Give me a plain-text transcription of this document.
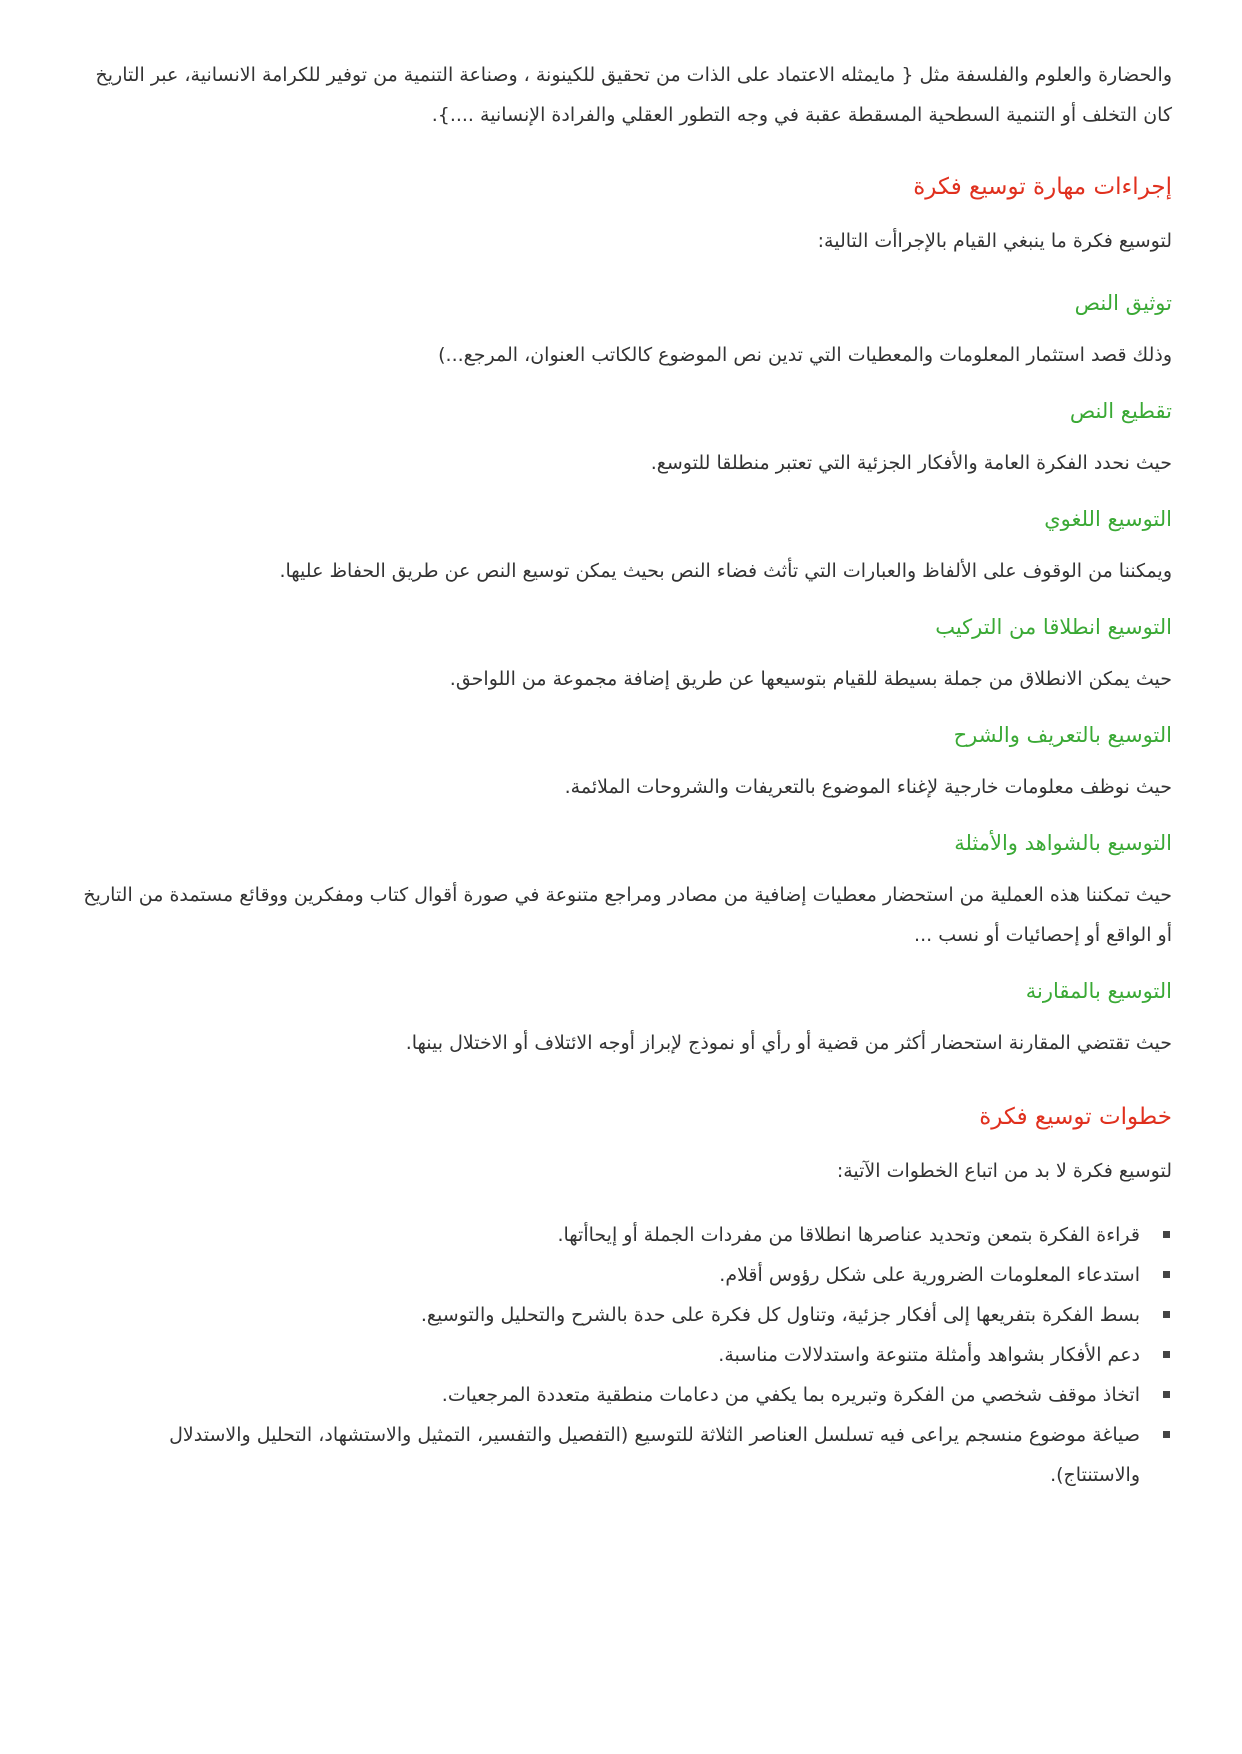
والحضارة والعلوم والفلسفة مثل { مايمثله الاعتماد على الذات من تحقيق للكينونة ، وصناعة التنمية من توفير للكرامة الانسانية، عبر التاريخ كان التخلف أو التنمية السطحية المسقطة عقبة في وجه التطور العقلي والفرادة الإنسانية ....}.

إجراءات مهارة توسيع فكرة

لتوسيع فكرة ما ينبغي القيام بالإجراأت التالية:

توثيق النص

وذلك قصد استثمار المعلومات والمعطيات التي تدين نص الموضوع كالكاتب العنوان، المرجع...)

تقطيع النص

حيث نحدد الفكرة العامة والأفكار الجزئية التي تعتبر منطلقا للتوسع.

التوسيع اللغوي

ويمكننا من الوقوف على الألفاظ والعبارات التي تأثث فضاء النص بحيث يمكن توسيع النص عن طريق الحفاظ عليها.

التوسيع انطلاقا من التركيب

حيث يمكن الانطلاق من جملة بسيطة للقيام بتوسيعها عن طريق إضافة مجموعة من اللواحق.

التوسيع بالتعريف والشرح

حيث نوظف معلومات خارجية لإغناء الموضوع بالتعريفات والشروحات الملائمة.

التوسيع بالشواهد والأمثلة

حيث تمكننا هذه العملية من استحضار معطيات إضافية من مصادر ومراجع متنوعة في صورة أقوال كتاب ومفكرين ووقائع مستمدة من التاريخ أو الواقع أو إحصائيات أو نسب ...

التوسيع بالمقارنة

حيث تقتضي المقارنة استحضار أكثر من قضية أو رأي أو نموذج لإبراز أوجه الائتلاف أو الاختلال بينها.

خطوات توسيع فكرة

لتوسيع فكرة لا بد من اتباع الخطوات الآتية:

قراءة الفكرة بتمعن وتحديد عناصرها انطلاقا من مفردات الجملة أو إيحاأتها.
استدعاء المعلومات الضرورية على شكل رؤوس أقلام.
بسط الفكرة بتفريعها إلى أفكار جزئية، وتناول كل فكرة على حدة بالشرح والتحليل والتوسيع.
دعم الأفكار بشواهد وأمثلة متنوعة واستدلالات مناسبة.
اتخاذ موقف شخصي من الفكرة وتبريره بما يكفي من دعامات منطقية متعددة المرجعيات.
صياغة موضوع منسجم يراعى فيه تسلسل العناصر الثلاثة للتوسيع (التفصيل والتفسير، التمثيل والاستشهاد، التحليل والاستدلال والاستنتاج).
